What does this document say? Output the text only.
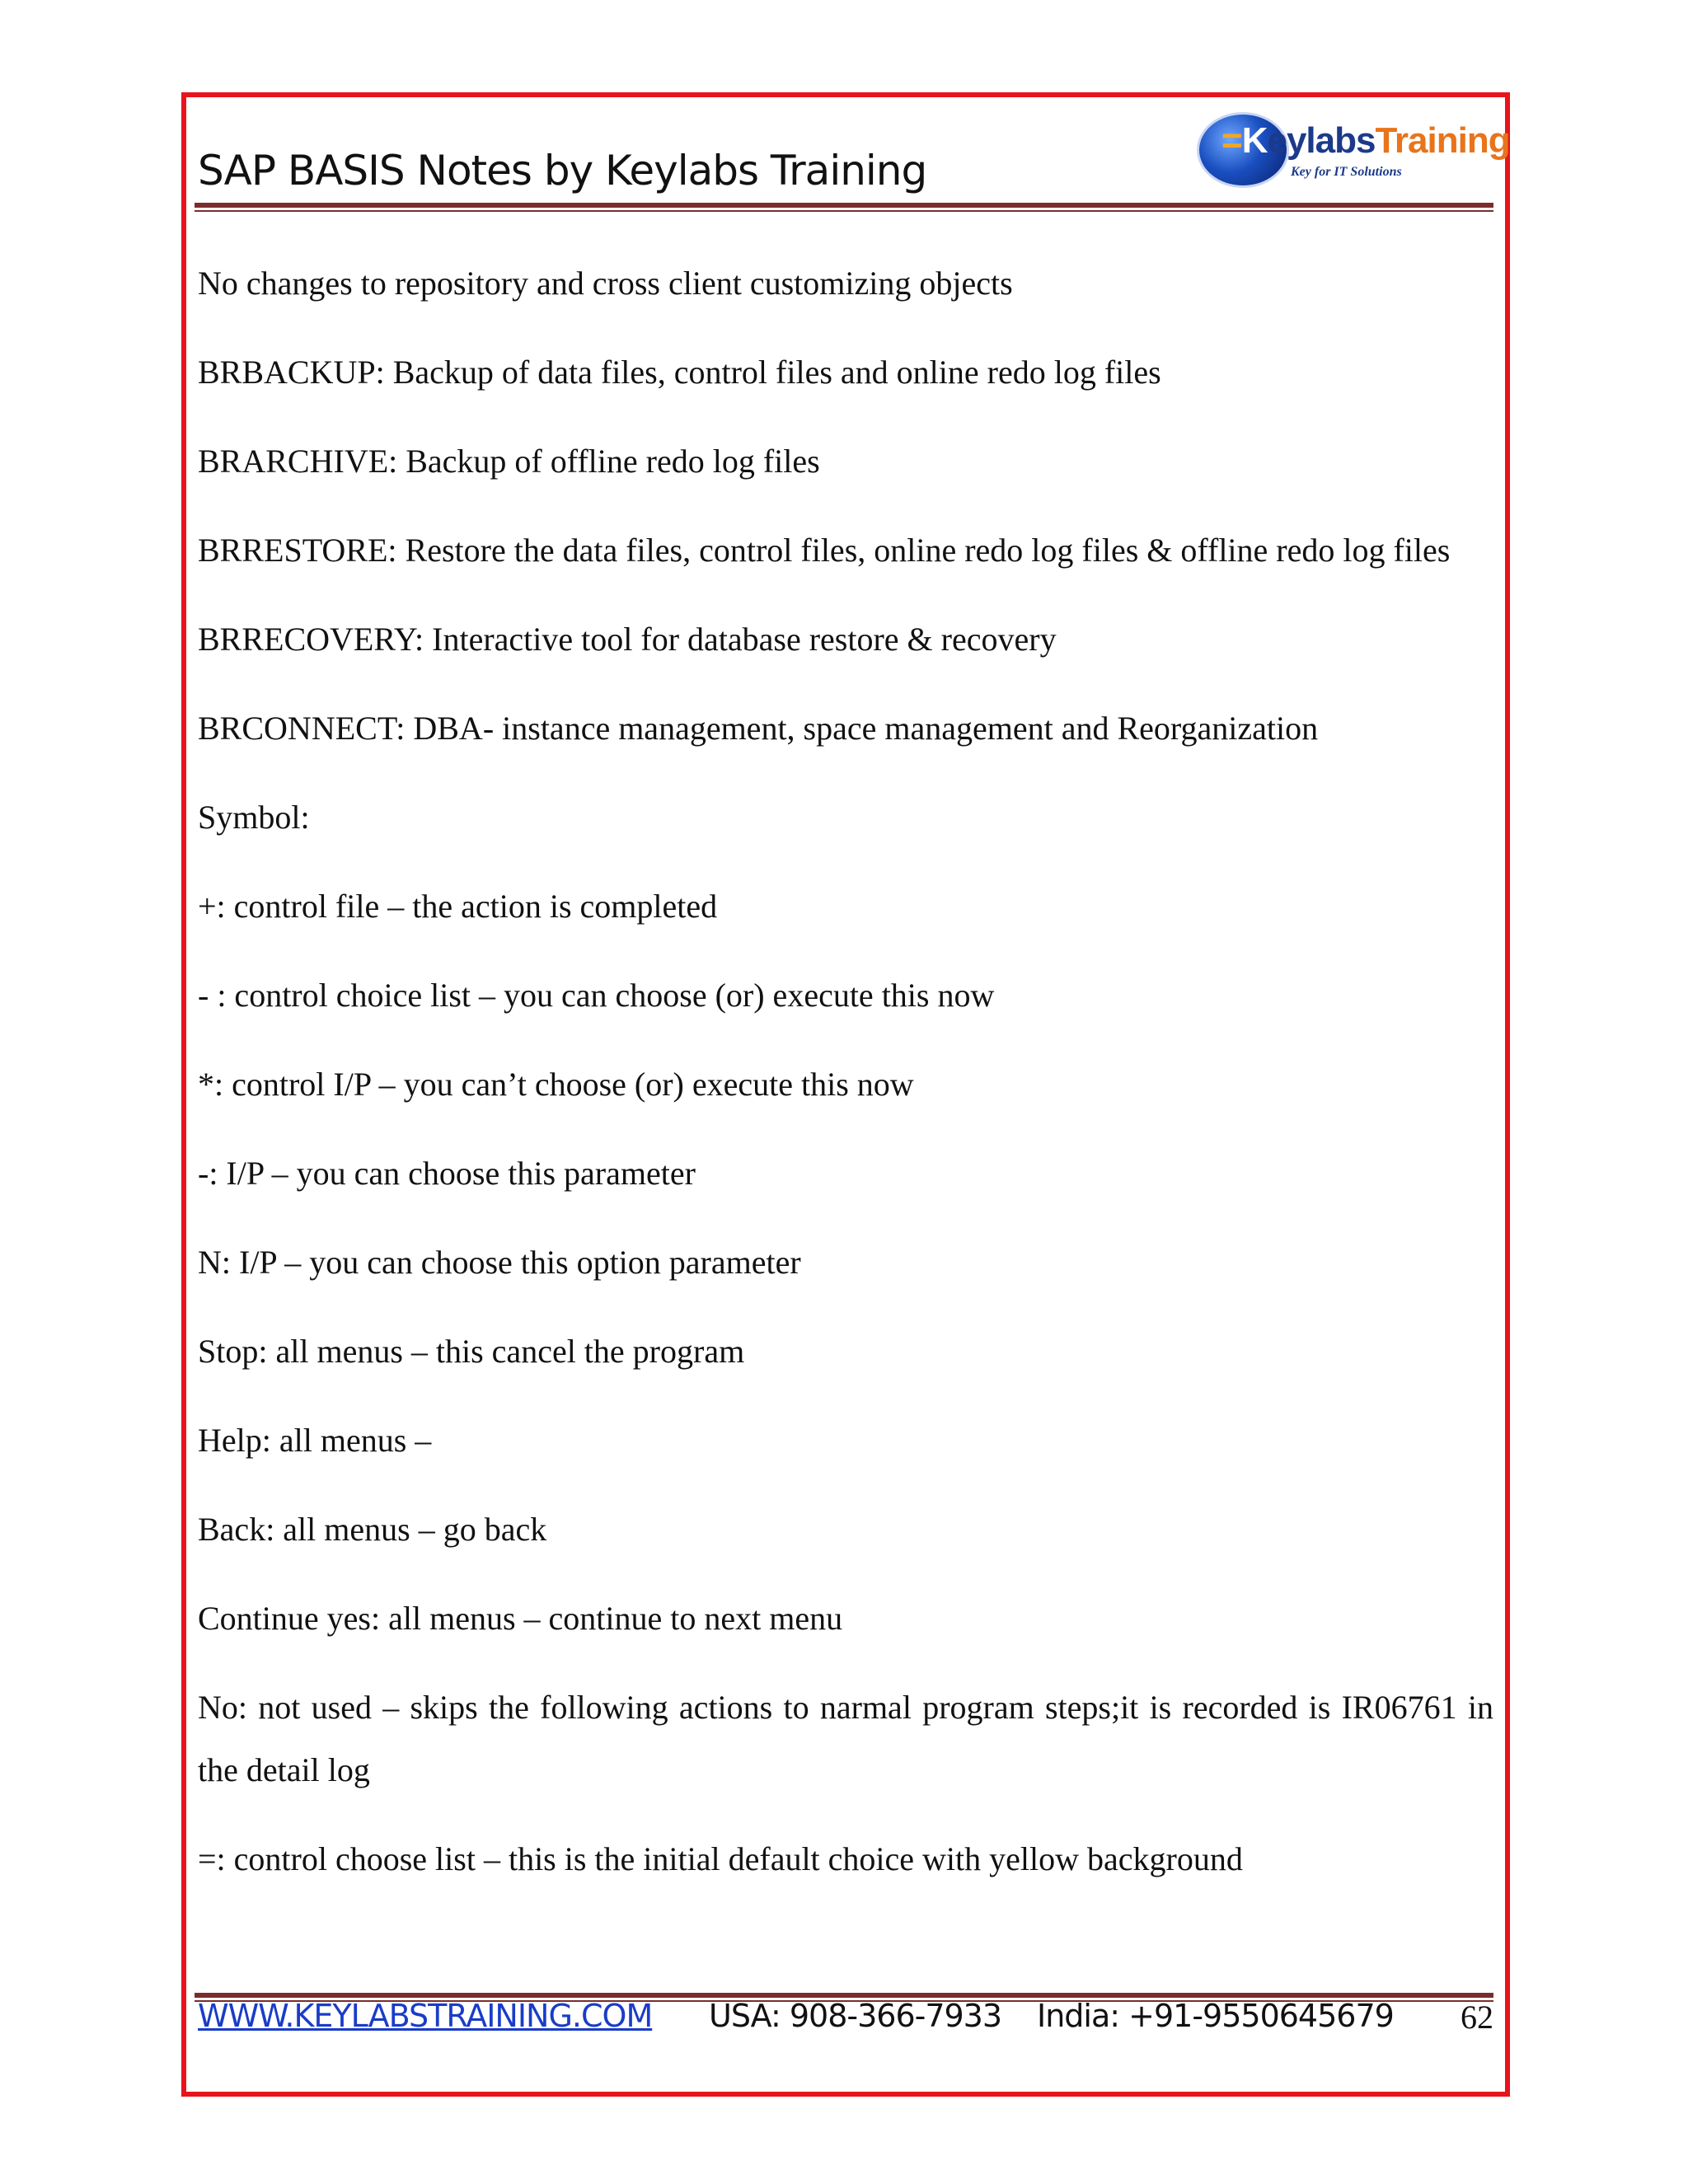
SAP BASIS Notes by Keylabs Training
=KeylabsTraining
Key for IT Solutions

No changes to repository and cross client customizing objects

BRBACKUP: Backup of data files, control files and online redo log files

BRARCHIVE: Backup of offline redo log files

BRRESTORE: Restore the data files, control files, online redo log files & offline redo log files

BRRECOVERY: Interactive tool for database restore & recovery

BRCONNECT: DBA- instance management, space management and Reorganization

Symbol:

+: control file – the action is completed

- : control choice list – you can choose (or) execute this now

*: control I/P – you can’t choose (or) execute this now

-: I/P – you can choose this parameter

N: I/P – you can choose this option parameter

Stop: all menus – this cancel the program

Help: all menus –

Back: all menus – go back

Continue yes: all menus – continue to next menu

No: not used – skips the following actions to narmal program steps;it is recorded is IR06761 in the detail log

=: control choose list – this is the initial default choice with yellow background

WWW.KEYLABSTRAINING.COM USA: 908-366-7933 India: +91-9550645679 62
